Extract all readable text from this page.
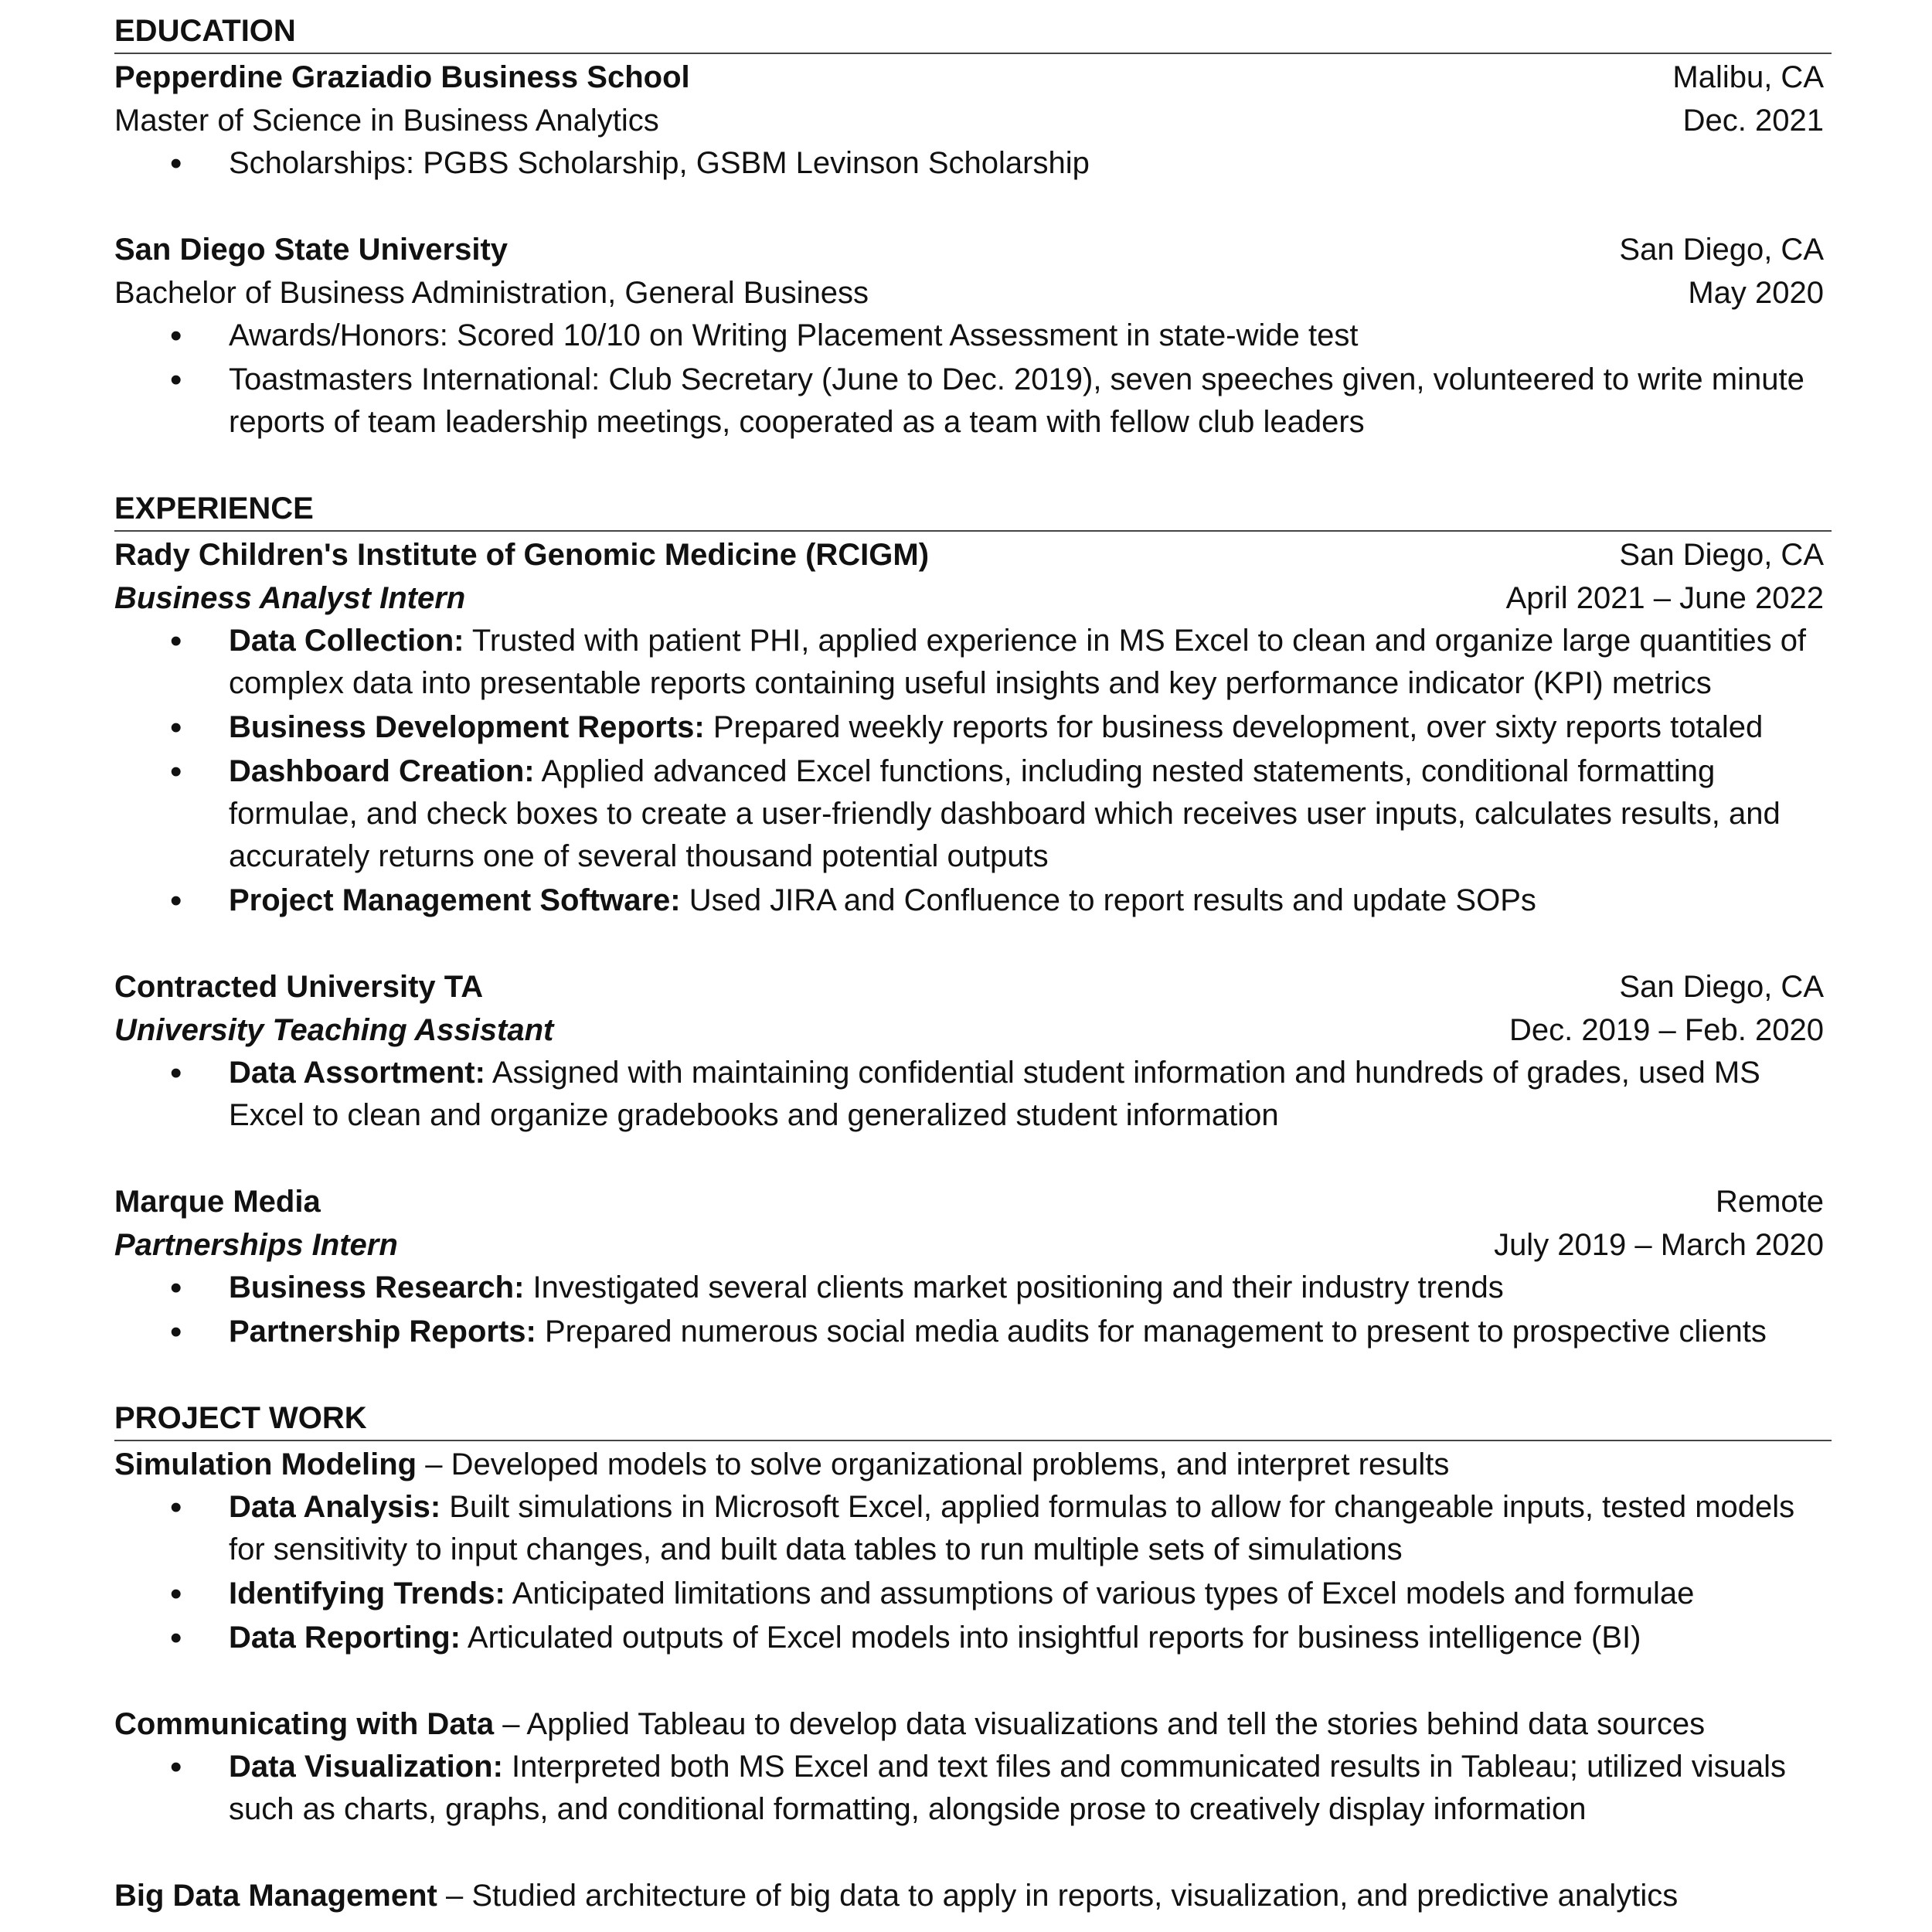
EDUCATION
Pepperdine Graziadio Business School	Malibu, CA
Master of Science in Business Analytics	Dec. 2021
• Scholarships: PGBS Scholarship, GSBM Levinson Scholarship
San Diego State University	San Diego, CA
Bachelor of Business Administration, General Business	May 2020
• Awards/Honors: Scored 10/10 on Writing Placement Assessment in state-wide test
• Toastmasters International: Club Secretary (June to Dec. 2019), seven speeches given, volunteered to write minute reports of team leadership meetings, cooperated as a team with fellow club leaders
EXPERIENCE
Rady Children's Institute of Genomic Medicine (RCIGM)	San Diego, CA
Business Analyst Intern	April 2021 – June 2022
• Data Collection: Trusted with patient PHI, applied experience in MS Excel to clean and organize large quantities of complex data into presentable reports containing useful insights and key performance indicator (KPI) metrics
• Business Development Reports: Prepared weekly reports for business development, over sixty reports totaled
• Dashboard Creation: Applied advanced Excel functions, including nested statements, conditional formatting formulae, and check boxes to create a user-friendly dashboard which receives user inputs, calculates results, and accurately returns one of several thousand potential outputs
• Project Management Software: Used JIRA and Confluence to report results and update SOPs
Contracted University TA	San Diego, CA
University Teaching Assistant	Dec. 2019 – Feb. 2020
• Data Assortment: Assigned with maintaining confidential student information and hundreds of grades, used MS Excel to clean and organize gradebooks and generalized student information
Marque Media	Remote
Partnerships Intern	July 2019 – March 2020
• Business Research: Investigated several clients market positioning and their industry trends
• Partnership Reports: Prepared numerous social media audits for management to present to prospective clients
PROJECT WORK
Simulation Modeling – Developed models to solve organizational problems, and interpret results
• Data Analysis: Built simulations in Microsoft Excel, applied formulas to allow for changeable inputs, tested models for sensitivity to input changes, and built data tables to run multiple sets of simulations
• Identifying Trends: Anticipated limitations and assumptions of various types of Excel models and formulae
• Data Reporting: Articulated outputs of Excel models into insightful reports for business intelligence (BI)
Communicating with Data – Applied Tableau to develop data visualizations and tell the stories behind data sources
• Data Visualization: Interpreted both MS Excel and text files and communicated results in Tableau; utilized visuals such as charts, graphs, and conditional formatting, alongside prose to creatively display information
Big Data Management – Studied architecture of big data to apply in reports, visualization, and predictive analytics
